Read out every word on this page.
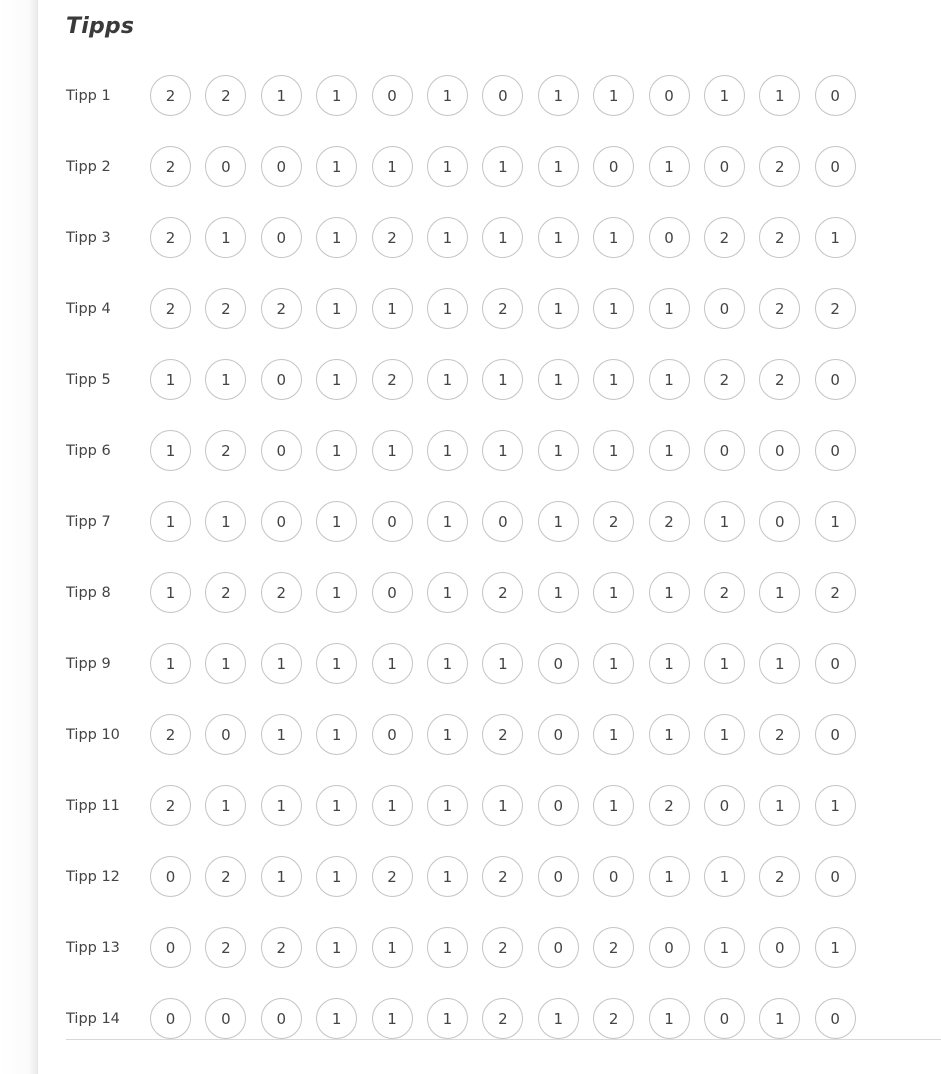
Tipps
Tipp 1	2	2	1	1	0	1	0	1	1	0	1	1	0
Tipp 2	2	0	0	1	1	1	1	1	0	1	0	2	0
Tipp 3	2	1	0	1	2	1	1	1	1	0	2	2	1
Tipp 4	2	2	2	1	1	1	2	1	1	1	0	2	2
Tipp 5	1	1	0	1	2	1	1	1	1	1	2	2	0
Tipp 6	1	2	0	1	1	1	1	1	1	1	0	0	0
Tipp 7	1	1	0	1	0	1	0	1	2	2	1	0	1
Tipp 8	1	2	2	1	0	1	2	1	1	1	2	1	2
Tipp 9	1	1	1	1	1	1	1	0	1	1	1	1	0
Tipp 10	2	0	1	1	0	1	2	0	1	1	1	2	0
Tipp 11	2	1	1	1	1	1	1	0	1	2	0	1	1
Tipp 12	0	2	1	1	2	1	2	0	0	1	1	2	0
Tipp 13	0	2	2	1	1	1	2	0	2	0	1	0	1
Tipp 14	0	0	0	1	1	1	2	1	2	1	0	1	0
